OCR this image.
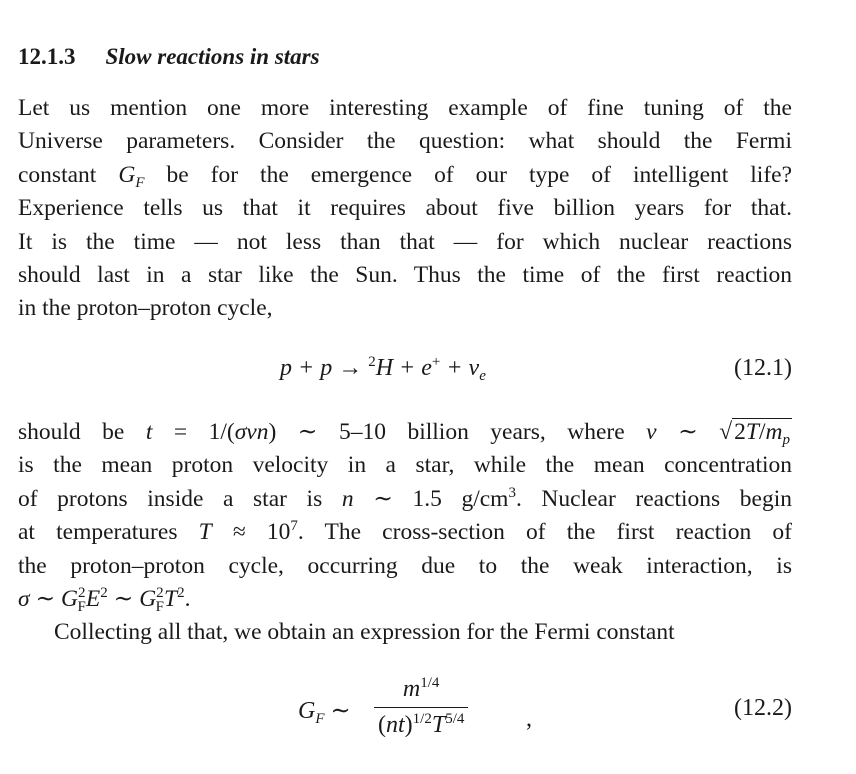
12.1.3 Slow reactions in stars
Let us mention one more interesting example of fine tuning of the
Universe parameters. Consider the question: what should the Fermi
constant $G_F$ be for the emergence of our type of intelligent life?
Experience tells us that it requires about five billion years for that.
It is the time — not less than that — for which nuclear reactions
should last in a star like the Sun. Thus the time of the first reaction
in the proton–proton cycle,
$p + p \to ^2H + e^+ + \nu_e$	(12.1)
should be t = 1/(σvn) ∼ 5–10 billion years, where v ∼ $√2T/m_p$
is the mean proton velocity in a star, while the mean concentration
of protons inside a star is n ∼ 1.5 $g/cm^3$. Nuclear reactions begin
at temperatures $T \approx 10^7$. The cross-section of the first reaction of
the proton–proton cycle, occurring due to the weak interaction, is
σ ∼ $G^2_FE^2$ ∼ $G^2_FT^2$.
Collecting all that, we obtain an expression for the Fermi constant
$G_F$ ∼ $\frac{m^{1/4}}{(nt)^{1/2}T^{5/4}}$ ,	(12.2)
